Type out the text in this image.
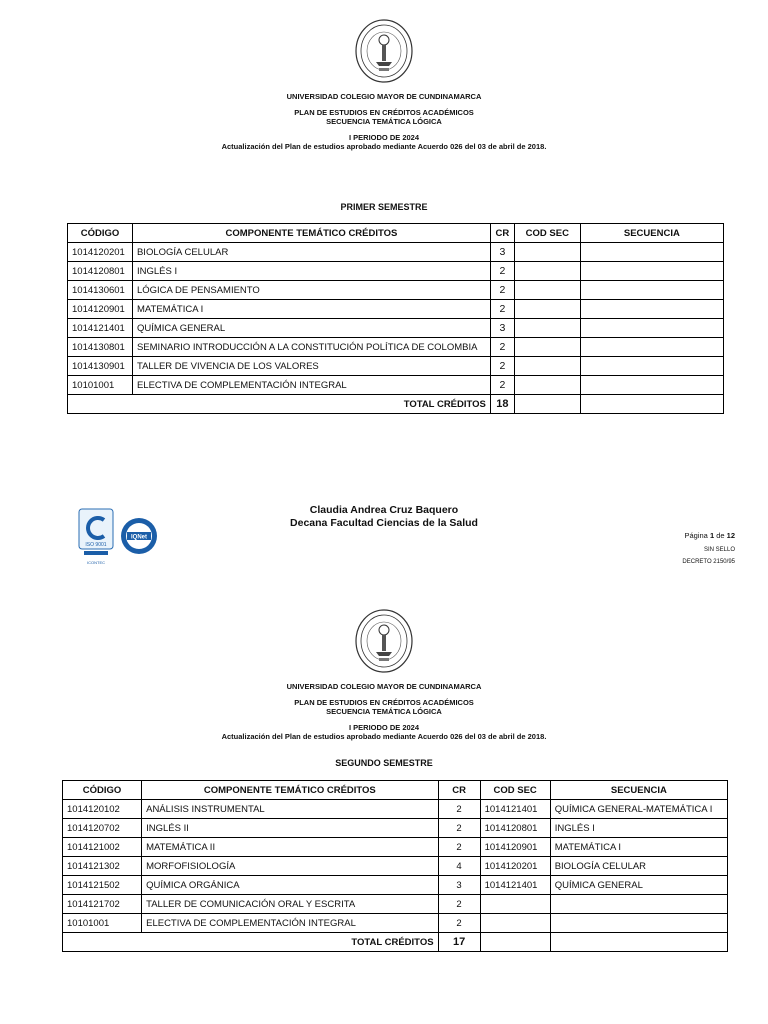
UNIVERSIDAD COLEGIO MAYOR DE CUNDINAMARCA
PLAN DE ESTUDIOS EN CRÉDITOS ACADÉMICOS
SECUENCIA TEMÁTICA LÓGICA
I PERIODO DE 2024
Actualización del Plan de estudios aprobado mediante Acuerdo 026 del 03 de abril de 2018.
PRIMER SEMESTRE
CÓDIGO	COMPONENTE TEMÁTICO CRÉDITOS	CR	COD SEC	SECUENCIA
1014120201	BIOLOGÍA CELULAR	3		
1014120801	INGLÉS I	2		
1014130601	LÓGICA DE PENSAMIENTO	2		
1014120901	MATEMÁTICA I	2		
1014121401	QUÍMICA GENERAL	3		
1014130801	SEMINARIO INTRODUCCIÓN A LA CONSTITUCIÓN POLÍTICA DE COLOMBIA	2		
1014130901	TALLER DE VIVENCIA DE LOS VALORES	2		
10101001	ELECTIVA DE COMPLEMENTACIÓN INTEGRAL	2		
TOTAL CRÉDITOS		18		
Claudia Andrea Cruz Baquero
Decana Facultad Ciencias de la Salud
ISO 9001
ICONTEC
IQNet	Página 1 de 12
SIN SELLO
DECRETO 2150/95
UNIVERSIDAD COLEGIO MAYOR DE CUNDINAMARCA
PLAN DE ESTUDIOS EN CRÉDITOS ACADÉMICOS
SECUENCIA TEMÁTICA LÓGICA
I PERIODO DE 2024
Actualización del Plan de estudios aprobado mediante Acuerdo 026 del 03 de abril de 2018.
SEGUNDO SEMESTRE
CÓDIGO	COMPONENTE TEMÁTICO CRÉDITOS	CR	COD SEC	SECUENCIA
1014120102	ANÁLISIS INSTRUMENTAL	2	1014121401	QUÍMICA GENERAL-MATEMÁTICA I
1014120702	INGLÉS II	2	1014120801	INGLÉS I
1014121002	MATEMÁTICA II	2	1014120901	MATEMÁTICA I
1014121302	MORFOFISIOLOGÍA	4	1014120201	BIOLOGÍA CELULAR
1014121502	QUÍMICA ORGÁNICA	3	1014121401	QUÍMICA GENERAL
1014121702	TALLER DE COMUNICACIÓN ORAL Y ESCRITA	2		
10101001	ELECTIVA DE COMPLEMENTACIÓN INTEGRAL	2		
TOTAL CRÉDITOS		17		
